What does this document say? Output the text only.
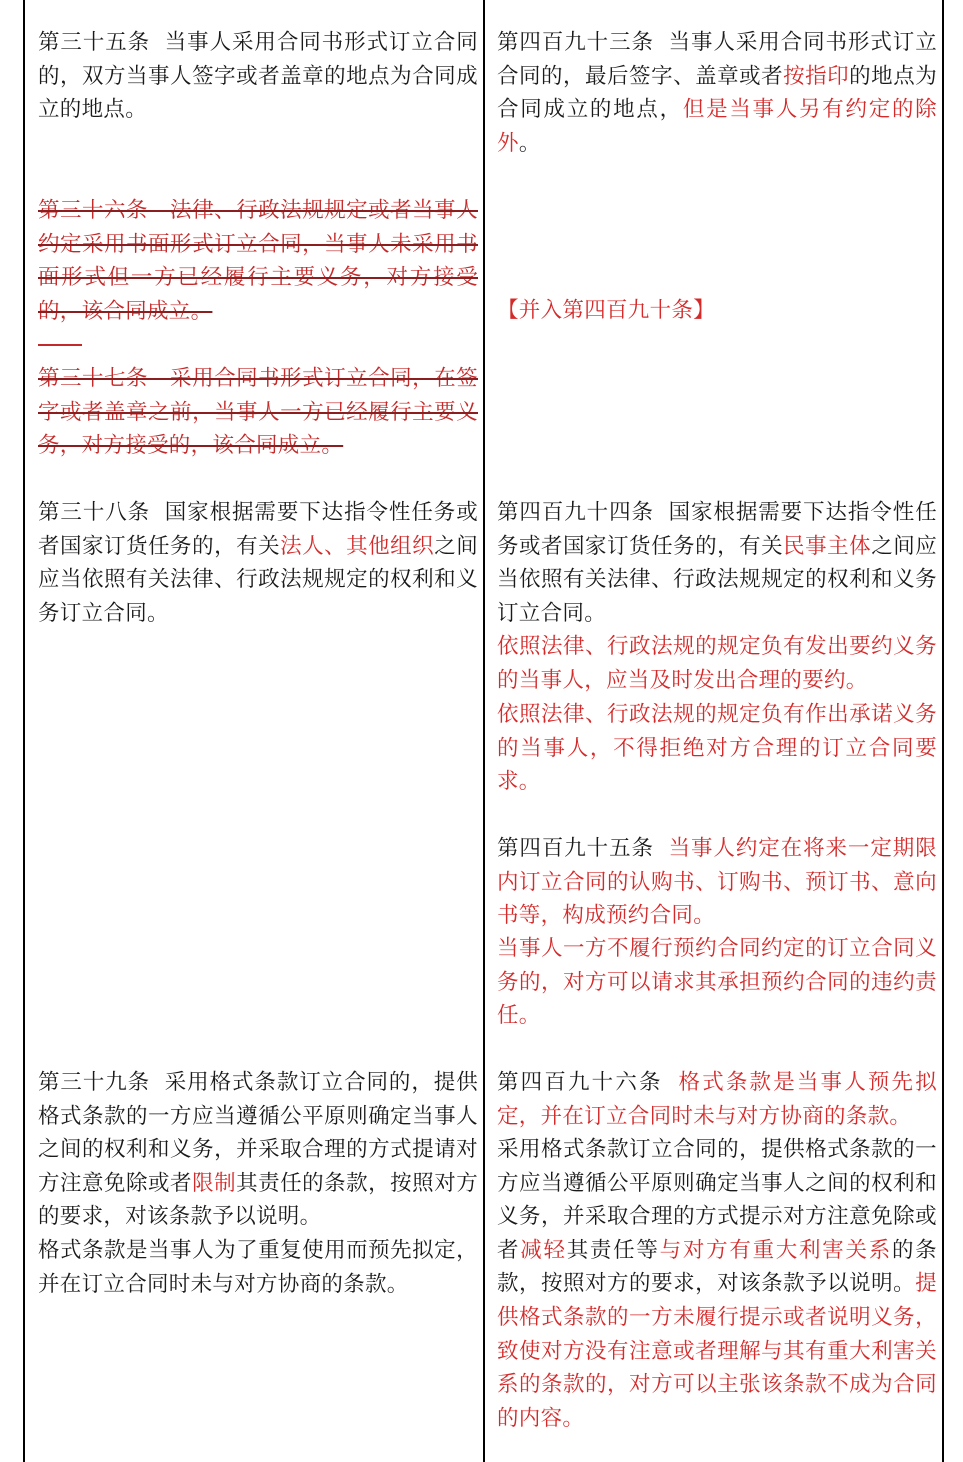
第三十五条 当事人采用合同书形式订立合同的，双方当事人签字或者盖章的地点为合同成立的地点。

第三十六条　法律、行政法规规定或者当事人约定采用书面形式订立合同，当事人未采用书面形式但一方已经履行主要义务，对方接受的，该合同成立。

第三十七条　采用合同书形式订立合同，在签字或者盖章之前，当事人一方已经履行主要义务，对方接受的，该合同成立。

第三十八条 国家根据需要下达指令性任务或者国家订货任务的，有关法人、其他组织之间应当依照有关法律、行政法规规定的权利和义务订立合同。

第三十九条 采用格式条款订立合同的，提供格式条款的一方应当遵循公平原则确定当事人之间的权利和义务，并采取合理的方式提请对方注意免除或者限制其责任的条款，按照对方的要求，对该条款予以说明。

格式条款是当事人为了重复使用而预先拟定，并在订立合同时未与对方协商的条款。

第四百九十三条 当事人采用合同书形式订立合同的，最后签字、盖章或者按指印的地点为合同成立的地点，但是当事人另有约定的除外。

【并入第四百九十条】

第四百九十四条 国家根据需要下达指令性任务或者国家订货任务的，有关民事主体之间应当依照有关法律、行政法规规定的权利和义务订立合同。

依照法律、行政法规的规定负有发出要约义务的当事人，应当及时发出合理的要约。

依照法律、行政法规的规定负有作出承诺义务的当事人，不得拒绝对方合理的订立合同要求。

第四百九十五条 当事人约定在将来一定期限内订立合同的认购书、订购书、预订书、意向书等，构成预约合同。

当事人一方不履行预约合同约定的订立合同义务的，对方可以请求其承担预约合同的违约责任。

第四百九十六条 格式条款是当事人预先拟定，并在订立合同时未与对方协商的条款。

采用格式条款订立合同的，提供格式条款的一方应当遵循公平原则确定当事人之间的权利和义务，并采取合理的方式提示对方注意免除或者减轻其责任等与对方有重大利害关系的条款，按照对方的要求，对该条款予以说明。提供格式条款的一方未履行提示或者说明义务，致使对方没有注意或者理解与其有重大利害关系的条款的，对方可以主张该条款不成为合同的内容。
